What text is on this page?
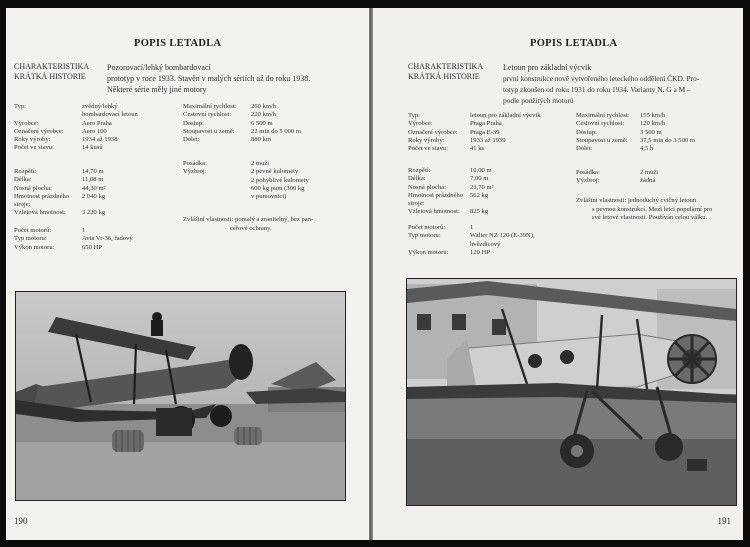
POPIS LETADLA
CHARAKTERISTIKA
KRÁTKÁ HISTORIE
Pozorovací/lehký bombardovací
prototyp v roce 1933. Stavěn v malých sériích až do roku 1938.
Některé série měly jiné motory
Typ:	zvědný/lehký
bombardovací letoun
Výrobce:	Aero Praha
Označení výrobce:	Aero 100
Roky výroby:	1934 až 1938
Počet ve stavu:	14 kusů
Rozpětí:	14,70 m
Délka:	11,08 m
Nosná plocha:	44,30 m²
Hmotnost prázdného stroje:
2 040 kg
Vzletová hmotnost:	3 220 kg
Počet motorů:	1
Typ motoru:	Avia Vr-36, řadový
Výkon motoru:	650 HP
Maximální rychlost:	260 km/h
Cestovní rychlost:	220 km/h
Dostup:	6 500 m
Stoupavost u země:	22 min do 5 000 m
Dolet:	880 km
Posádka:	2 muži
Výzbroj:	2 pevné kulomety
2 pohyblivé kulomety
600 kg pum (300 kg
v pumovnici)
Zvláštní vlastnosti: pomalý a zranitelný, bez pan-
céřové ochrany.
190
POPIS LETADLA
CHARAKTERISTIKA
KRÁTKÁ HISTORIE
Letoun pro základní výcvik
první konstrukce nově vytvořeného leteckého oddělení ČKD. Pro-
totyp zkoušen od roku 1931 do roku 1934. Varianty N, G a M –
podle použitých motorů
Typ:	letoun pro základní výcvik
Výrobce:	Praga Praha
Označení výrobce:	Praga E-39
Roky výroby:	1933 až 1939
Počet ve stavu:	41 ks
Rozpětí:	10,00 m
Délka:	7,00 m
Nosná plocha:	23,70 m²
Hmotnost prázdného stroje:
562 kg
Vzletová hmotnost:	825 kg
Počet motorů:	1
Typ motoru:	Walter NZ 120 (E-39N),
hvězdicový
Výkon motoru:	120 HP
Maximální rychlost:	155 km/h
Cestovní rychlost:	120 km/h
Dostup:	3 500 m
Stoupavost u země:	37,5 min do 3 500 m
Dolet:	4,5 h
Posádka:	2 muži
Výzbroj:	žádná
Zvláštní vlastnosti: jednoduchý cvičný letoun
s pevnou konstrukcí. Mezi letci populární pro
své letové vlastnosti. Používán celou válku.
191
